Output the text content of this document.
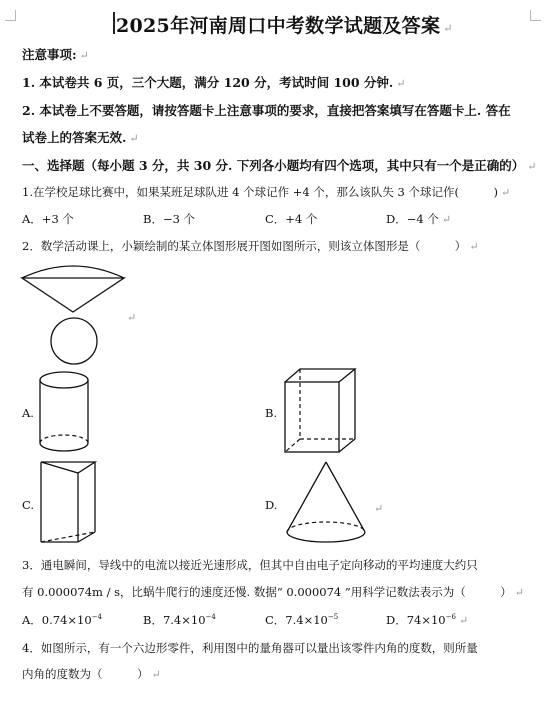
2025年河南周口中考数学试题及答案 ↵
注意事项: ↵
1. 本试卷共 6 页，三个大题，满分 120 分，考试时间 100 分钟. ↵
2. 本试卷上不要答题，请按答题卡上注意事项的要求，直接把答案填写在答题卡上. 答在
试卷上的答案无效. ↵
一、选择题（每小题 3 分，共 30 分. 下列各小题均有四个选项，其中只有一个是正确的） ↵
1.在学校足球比赛中，如果某班足球队进 4 个球记作 +4 个，那么该队失 3 个球记作(　　　) ↵
A．+3 个	B．−3 个	C．+4 个	D．−4 个 ↵
2．数学活动课上，小颖绘制的某立体图形展开图如图所示，则该立体图形是（　　　） ↵
↵
A.	B.
C.	D.	↵
3．通电瞬间，导线中的电流以接近光速形成，但其中自由电子定向移动的平均速度大约只
有 0.000074m / s，比蜗牛爬行的速度还慢. 数据“ 0.000074 ”用科学记数法表示为（　　　） ↵
A．$0.74\times 10^{-4}$	B．$7.4\times 10^{-4}$	C．$7.4\times 10^{-5}$	D．$74\times 10^{-6}$ ↵
4．如图所示，有一个六边形零件，利用图中的量角器可以量出该零件内角的度数，则所量
内角的度数为（　　　） ↵
